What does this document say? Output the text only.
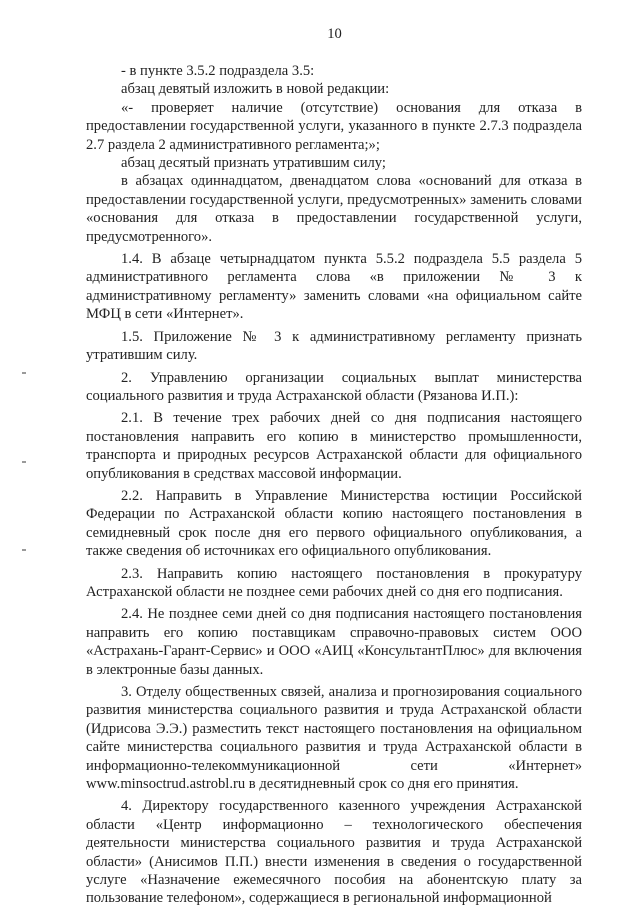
10

- в пункте 3.5.2 подраздела 3.5:

абзац девятый изложить в новой редакции:

«- проверяет наличие (отсутствие) основания для отказа в предоставлении государственной услуги, указанного в пункте 2.7.3 подраздела 2.7 раздела 2 административного регламента;»;

абзац десятый признать утратившим силу;

в абзацах одиннадцатом, двенадцатом слова «оснований для отказа в предоставлении государственной услуги, предусмотренных» заменить словами «основания для отказа в предоставлении государственной услуги, предусмотренного».

1.4. В абзаце четырнадцатом пункта 5.5.2 подраздела 5.5 раздела 5 административного регламента слова «в приложении № 3 к административному регламенту» заменить словами «на официальном сайте МФЦ в сети «Интернет».

1.5. Приложение № 3 к административному регламенту признать утратившим силу.

2. Управлению организации социальных выплат министерства социального развития и труда Астраханской области (Рязанова И.П.):

2.1. В течение трех рабочих дней со дня подписания настоящего постановления направить его копию в министерство промышленности, транспорта и природных ресурсов Астраханской области для официального опубликования в средствах массовой информации.

2.2. Направить в Управление Министерства юстиции Российской Федерации по Астраханской области копию настоящего постановления в семидневный срок после дня его первого официального опубликования, а также сведения об источниках его официального опубликования.

2.3. Направить копию настоящего постановления в прокуратуру Астраханской области не позднее семи рабочих дней со дня его подписания.

2.4. Не позднее семи дней со дня подписания настоящего постановления направить его копию поставщикам справочно-правовых систем ООО «Астрахань-Гарант-Сервис» и ООО «АИЦ «КонсультантПлюс» для включения в электронные базы данных.

3. Отделу общественных связей, анализа и прогнозирования социального развития министерства социального развития и труда Астраханской области (Идрисова Э.Э.) разместить текст настоящего постановления на официальном сайте министерства социального развития и труда Астраханской области в информационно-телекоммуникационной сети «Интернет» www.minsoctrud.astrobl.ru в десятидневный срок со дня его принятия.

4. Директору государственного казенного учреждения Астраханской области «Центр информационно – технологического обеспечения деятельности министерства социального развития и труда Астраханской области» (Анисимов П.П.) внести изменения в сведения о государственной услуге «Назначение ежемесячного пособия на абонентскую плату за пользование телефоном», содержащиеся в региональной информационной
